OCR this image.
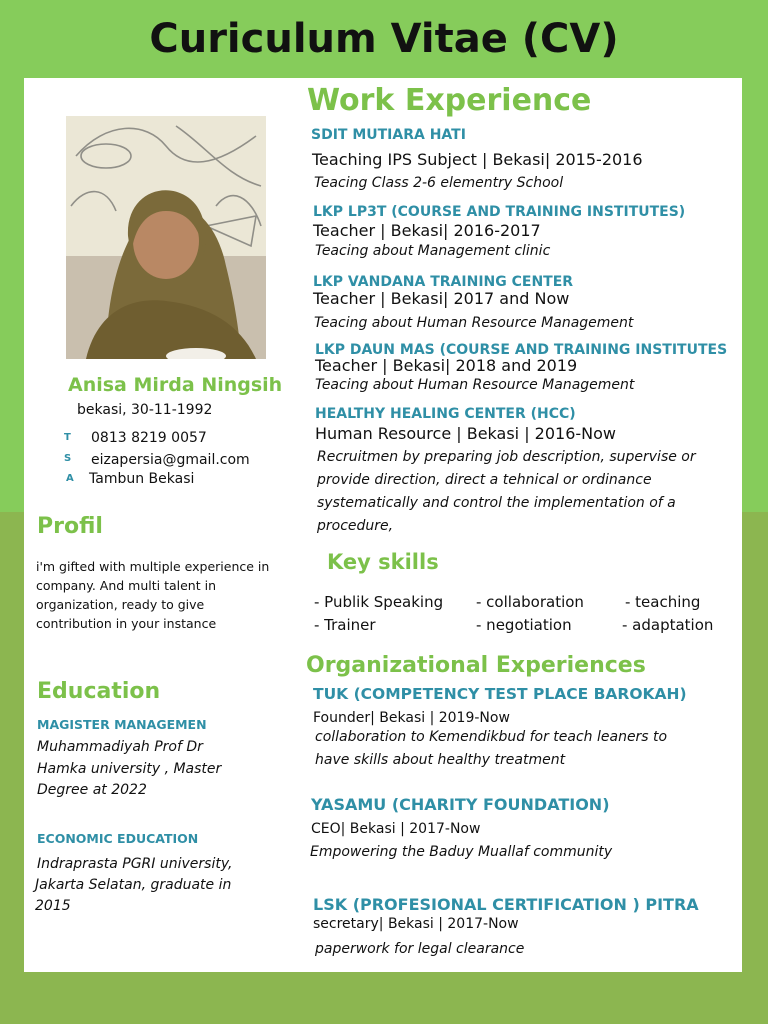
Curiculum Vitae (CV)
Anisa Mirda Ningsih
bekasi, 30-11-1992
T 0813 8219 0057
S eizapersia@gmail.com
A Tambun Bekasi
Profil
i'm gifted with multiple experience in
company. And multi talent in
organization, ready to give
contribution in your instance
Education
MAGISTER MANAGEMEN
Muhammadiyah Prof Dr
Hamka university , Master
Degree at 2022
ECONOMIC EDUCATION
Indraprasta PGRI university,
Jakarta Selatan, graduate in
2015
Work Experience
SDIT MUTIARA HATI
Teaching IPS Subject | Bekasi| 2015-2016
Teacing Class 2-6 elementry School
LKP LP3T (COURSE AND TRAINING INSTITUTES)
Teacher | Bekasi| 2016-2017
Teacing about Management clinic
LKP VANDANA TRAINING CENTER
Teacher | Bekasi| 2017 and Now
Teacing about Human Resource Management
LKP DAUN MAS (COURSE AND TRAINING INSTITUTES
Teacher | Bekasi| 2018 and 2019
Teacing about Human Resource Management
HEALTHY HEALING CENTER (HCC)
Human Resource | Bekasi | 2016-Now
Recruitmen by preparing job description, supervise or
provide direction, direct a tehnical or ordinance
systematically and control the implementation of a
procedure,
Key skills
- Publik Speaking - collaboration	- teaching
- Trainer	- negotiation	- adaptation
Organizational Experiences
TUK (COMPETENCY TEST PLACE BAROKAH)
Founder| Bekasi | 2019-Now
collaboration to Kemendikbud for teach leaners to
have skills about healthy treatment
YASAMU (CHARITY FOUNDATION)
CEO| Bekasi | 2017-Now
Empowering the Baduy Muallaf community
LSK (PROFESIONAL CERTIFICATION ) PITRA
secretary| Bekasi | 2017-Now
paperwork for legal clearance
